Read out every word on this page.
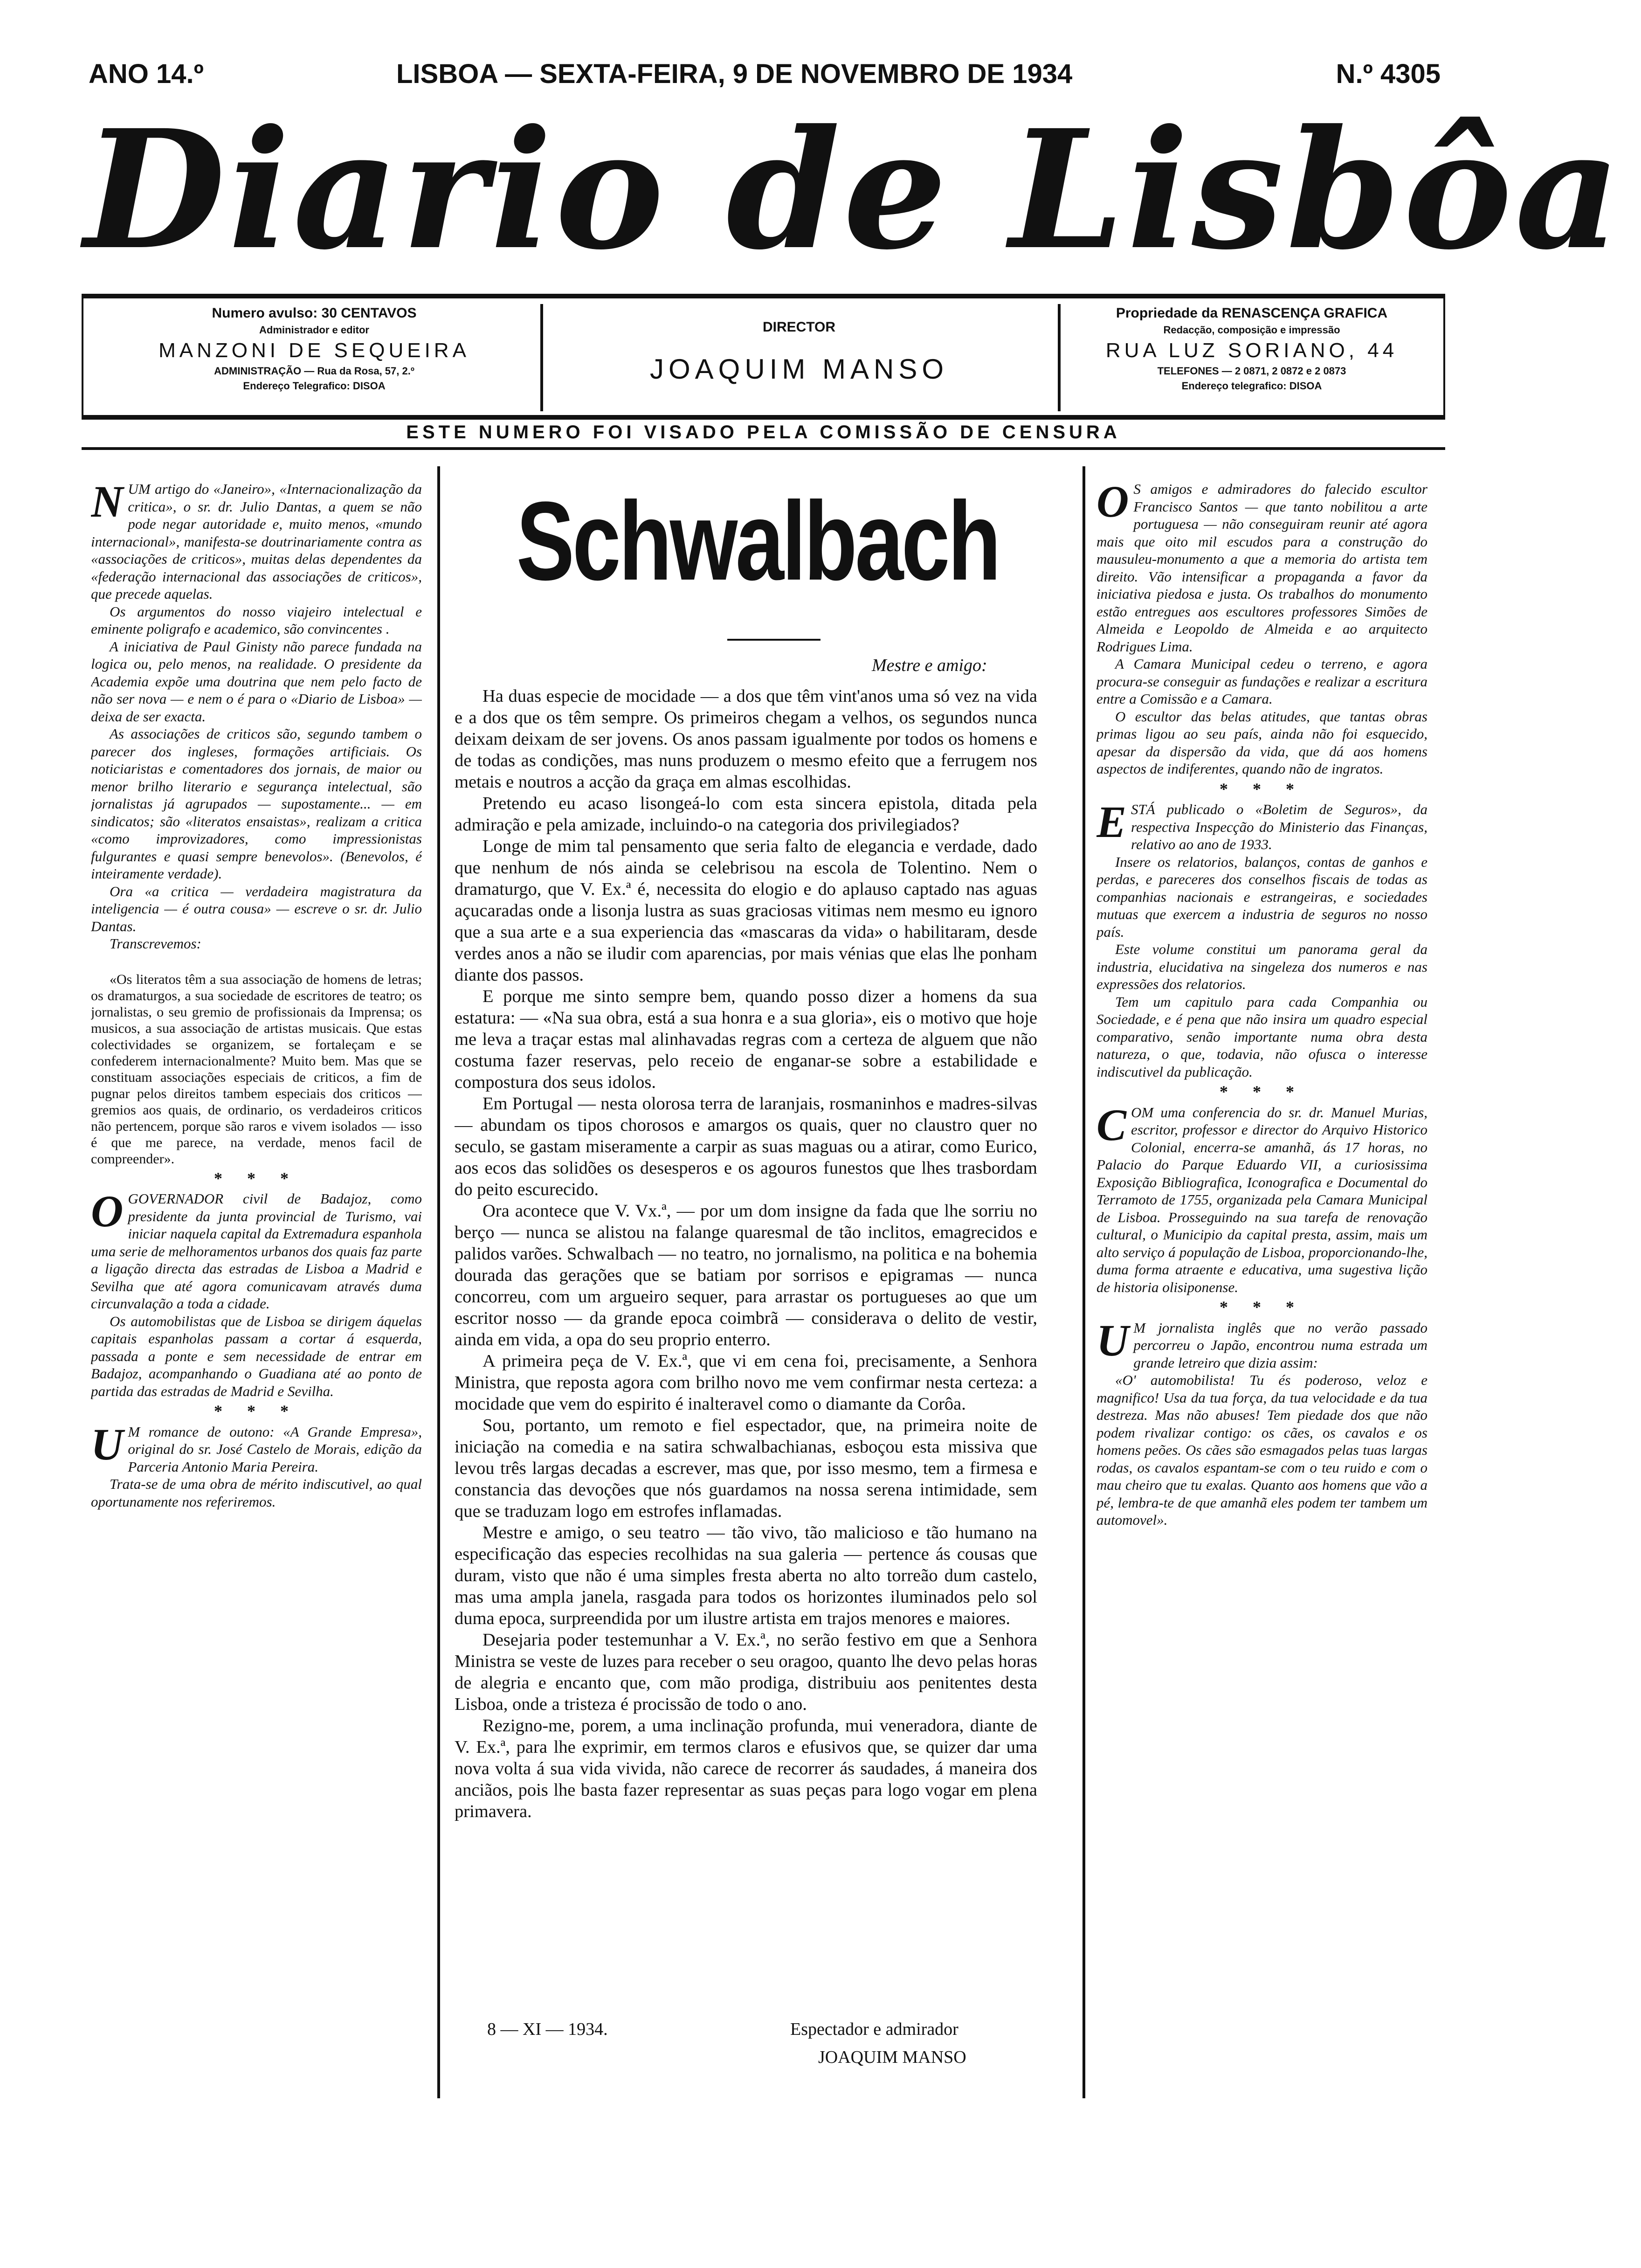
ANO 14.º	LISBOA — SEXTA-FEIRA, 9 DE NOVEMBRO DE 1934	N.º 4305
Diario de Lisbôa
Numero avulso: 30 CENTAVOS
Administrador e editor
MANZONI DE SEQUEIRA
ADMINISTRAÇÃO — Rua da Rosa, 57, 2.º
Endereço Telegrafico: DISOA
DIRECTOR
JOAQUIM MANSO
Propriedade da RENASCENÇA GRAFICA
Redacção, composição e impressão
RUA LUZ SORIANO, 44
TELEFONES — 2 0871, 2 0872 e 2 0873
Endereço telegrafico: DISOA
ESTE NUMERO FOI VISADO PELA COMISSÃO DE CENSURA

NUM artigo do «Janeiro», «Internacionalização da critica», o sr. dr. Julio Dantas, a quem se não pode negar autoridade e, muito menos, «mundo internacional», manifesta-se doutrinariamente contra as «associações de criticos», muitas delas dependentes da «federação internacional das associações de criticos», que precede aquelas.

Os argumentos do nosso viajeiro intelectual e eminente poligrafo e academico, são convincentes .

A iniciativa de Paul Ginisty não parece fundada na logica ou, pelo menos, na realidade. O presidente da Academia expõe uma doutrina que nem pelo facto de não ser nova — e nem o é para o «Diario de Lisboa» — deixa de ser exacta.

As associações de criticos são, segundo tambem o parecer dos ingleses, formações artificiais. Os noticiaristas e comentadores dos jornais, de maior ou menor brilho literario e segurança intelectual, são jornalistas já agrupados — supostamente... — em sindicatos; são «literatos ensaistas», realizam a critica «como improvizadores, como impressionistas fulgurantes e quasi sempre benevolos». (Benevolos, é inteiramente verdade).

Ora «a critica — verdadeira magistratura da inteligencia — é outra cousa» — escreve o sr. dr. Julio Dantas.

Transcrevemos:

«Os literatos têm a sua associação de homens de letras; os dramaturgos, a sua sociedade de escritores de teatro; os jornalistas, o seu gremio de profissionais da Imprensa; os musicos, a sua associação de artistas musicais. Que estas colectividades se organizem, se fortaleçam e se confederem internacionalmente? Muito bem. Mas que se constituam associações especiais de criticos, a fim de pugnar pelos direitos tambem especiais dos criticos — gremios aos quais, de ordinario, os verdadeiros criticos não pertencem, porque são raros e vivem isolados — isso é que me parece, na verdade, menos facil de compreender».

* * *

OGOVERNADOR civil de Badajoz, como presidente da junta provincial de Turismo, vai iniciar naquela capital da Extremadura espanhola uma serie de melhoramentos urbanos dos quais faz parte a ligação directa das estradas de Lisboa a Madrid e Sevilha que até agora comunicavam através duma circunvalação a toda a cidade.

Os automobilistas que de Lisboa se dirigem áquelas capitais espanholas passam a cortar á esquerda, passada a ponte e sem necessidade de entrar em Badajoz, acompanhando o Guadiana até ao ponto de partida das estradas de Madrid e Sevilha.

* * *

U M romance de outono: «A Grande Empresa», original do sr. José Castelo de Morais, edição da Parceria Antonio Maria Pereira.

Trata-se de uma obra de mérito indiscutivel, ao qual oportunamente nos referiremos.

Schwalbach
Mestre e amigo:

Ha duas especie de mocidade — a dos que têm vint'anos uma só vez na vida e a dos que os têm sempre. Os primeiros chegam a velhos, os segundos nunca deixam deixam de ser jovens. Os anos passam igualmente por todos os homens e de todas as condições, mas nuns produzem o mesmo efeito que a ferrugem nos metais e noutros a acção da graça em almas escolhidas.

Pretendo eu acaso lisongeá-lo com esta sincera epistola, ditada pela admiração e pela amizade, incluindo-o na categoria dos privilegiados?

Longe de mim tal pensamento que seria falto de elegancia e verdade, dado que nenhum de nós ainda se celebrisou na escola de Tolentino. Nem o dramaturgo, que V. Ex.ª é, necessita do elogio e do aplauso captado nas aguas açucaradas onde a lisonja lustra as suas graciosas vitimas nem mesmo eu ignoro que a sua arte e a sua experiencia das «mascaras da vida» o habilitaram, desde verdes anos a não se iludir com aparencias, por mais vénias que elas lhe ponham diante dos passos.

E porque me sinto sempre bem, quando posso dizer a homens da sua estatura: — «Na sua obra, está a sua honra e a sua gloria», eis o motivo que hoje me leva a traçar estas mal alinhavadas regras com a certeza de alguem que não costuma fazer reservas, pelo receio de enganar-se sobre a estabilidade e compostura dos seus idolos.

Em Portugal — nesta olorosa terra de laranjais, rosmaninhos e madres-silvas — abundam os tipos chorosos e amargos os quais, quer no claustro quer no seculo, se gastam miseramente a carpir as suas maguas ou a atirar, como Eurico, aos ecos das solidões os desesperos e os agouros funestos que lhes trasbordam do peito escurecido.

Ora acontece que V. Vx.ª, — por um dom insigne da fada que lhe sorriu no berço — nunca se alistou na falange quaresmal de tão inclitos, emagrecidos e palidos varões. Schwalbach — no teatro, no jornalismo, na politica e na bohemia dourada das gerações que se batiam por sorrisos e epigramas — nunca concorreu, com um argueiro sequer, para arrastar os portugueses ao que um escritor nosso — da grande epoca coimbrã — considerava o delito de vestir, ainda em vida, a opa do seu proprio enterro.

A primeira peça de V. Ex.ª, que vi em cena foi, precisamente, a Senhora Ministra, que reposta agora com brilho novo me vem confirmar nesta certeza: a mocidade que vem do espirito é inalteravel como o diamante da Corôa.

Sou, portanto, um remoto e fiel espectador, que, na primeira noite de iniciação na comedia e na satira schwalbachianas, esboçou esta missiva que levou três largas decadas a escrever, mas que, por isso mesmo, tem a firmesa e constancia das devoções que nós guardamos na nossa serena intimidade, sem que se traduzam logo em estrofes inflamadas.

Mestre e amigo, o seu teatro — tão vivo, tão malicioso e tão humano na especificação das especies recolhidas na sua galeria — pertence ás cousas que duram, visto que não é uma simples fresta aberta no alto torreão dum castelo, mas uma ampla janela, rasgada para todos os horizontes iluminados pelo sol duma epoca, surpreendida por um ilustre artista em trajos menores e maiores.

Desejaria poder testemunhar a V. Ex.ª, no serão festivo em que a Senhora Ministra se veste de luzes para receber o seu oragoo, quanto lhe devo pelas horas de alegria e encanto que, com mão prodiga, distribuiu aos penitentes desta Lisboa, onde a tristeza é procissão de todo o ano.

Rezigno-me, porem, a uma inclinação profunda, mui veneradora, diante de V. Ex.ª, para lhe exprimir, em termos claros e efusivos que, se quizer dar uma nova volta á sua vida vivida, não carece de recorrer ás saudades, á maneira dos anciãos, pois lhe basta fazer representar as suas peças para logo vogar em plena primavera.

8 — XI — 1934.	Espectador e admirador
JOAQUIM MANSO

O S amigos e admiradores do falecido escultor Francisco Santos — que tanto nobilitou a arte portuguesa — não conseguiram reunir até agora mais que oito mil escudos para a construção do mausuleu-monumento a que a memoria do artista tem direito. Vão intensificar a propaganda a favor da iniciativa piedosa e justa. Os trabalhos do monumento estão entregues aos escultores professores Simões de Almeida e Leopoldo de Almeida e ao arquitecto Rodrigues Lima.

A Camara Municipal cedeu o terreno, e agora procura-se conseguir as fundações e realizar a escritura entre a Comissão e a Camara.

O escultor das belas atitudes, que tantas obras primas ligou ao seu país, ainda não foi esquecido, apesar da dispersão da vida, que dá aos homens aspectos de indiferentes, quando não de ingratos.

* * *

ESTÁ publicado o «Boletim de Seguros», da respectiva Inspecção do Ministerio das Finanças, relativo ao ano de 1933.

Insere os relatorios, balanços, contas de ganhos e perdas, e pareceres dos conselhos fiscais de todas as companhias nacionais e estrangeiras, e sociedades mutuas que exercem a industria de seguros no nosso país.

Este volume constitui um panorama geral da industria, elucidativa na singeleza dos numeros e nas expressões dos relatorios.

Tem um capitulo para cada Companhia ou Sociedade, e é pena que não insira um quadro especial comparativo, senão importante numa obra desta natureza, o que, todavia, não ofusca o interesse indiscutivel da publicação.

* * *

COM uma conferencia do sr. dr. Manuel Murias, escritor, professor e director do Arquivo Historico Colonial, encerra-se amanhã, ás 17 horas, no Palacio do Parque Eduardo VII, a curiosissima Exposição Bibliografica, Iconografica e Documental do Terramoto de 1755, organizada pela Camara Municipal de Lisboa. Prosseguindo na sua tarefa de renovação cultural, o Municipio da capital presta, assim, mais um alto serviço á população de Lisboa, proporcionando-lhe, duma forma atraente e educativa, uma sugestiva lição de historia olisiponense.

* * *

U M jornalista inglês que no verão passado percorreu o Japão, encontrou numa estrada um grande letreiro que dizia assim:

«O' automobilista! Tu és poderoso, veloz e magnifico! Usa da tua força, da tua velocidade e da tua destreza. Mas não abuses! Tem piedade dos que não podem rivalizar contigo: os cães, os cavalos e os homens peões. Os cães são esmagados pelas tuas largas rodas, os cavalos espantam-se com o teu ruido e com o mau cheiro que tu exalas. Quanto aos homens que vão a pé, lembra-te de que amanhã eles podem ter tambem um automovel».
